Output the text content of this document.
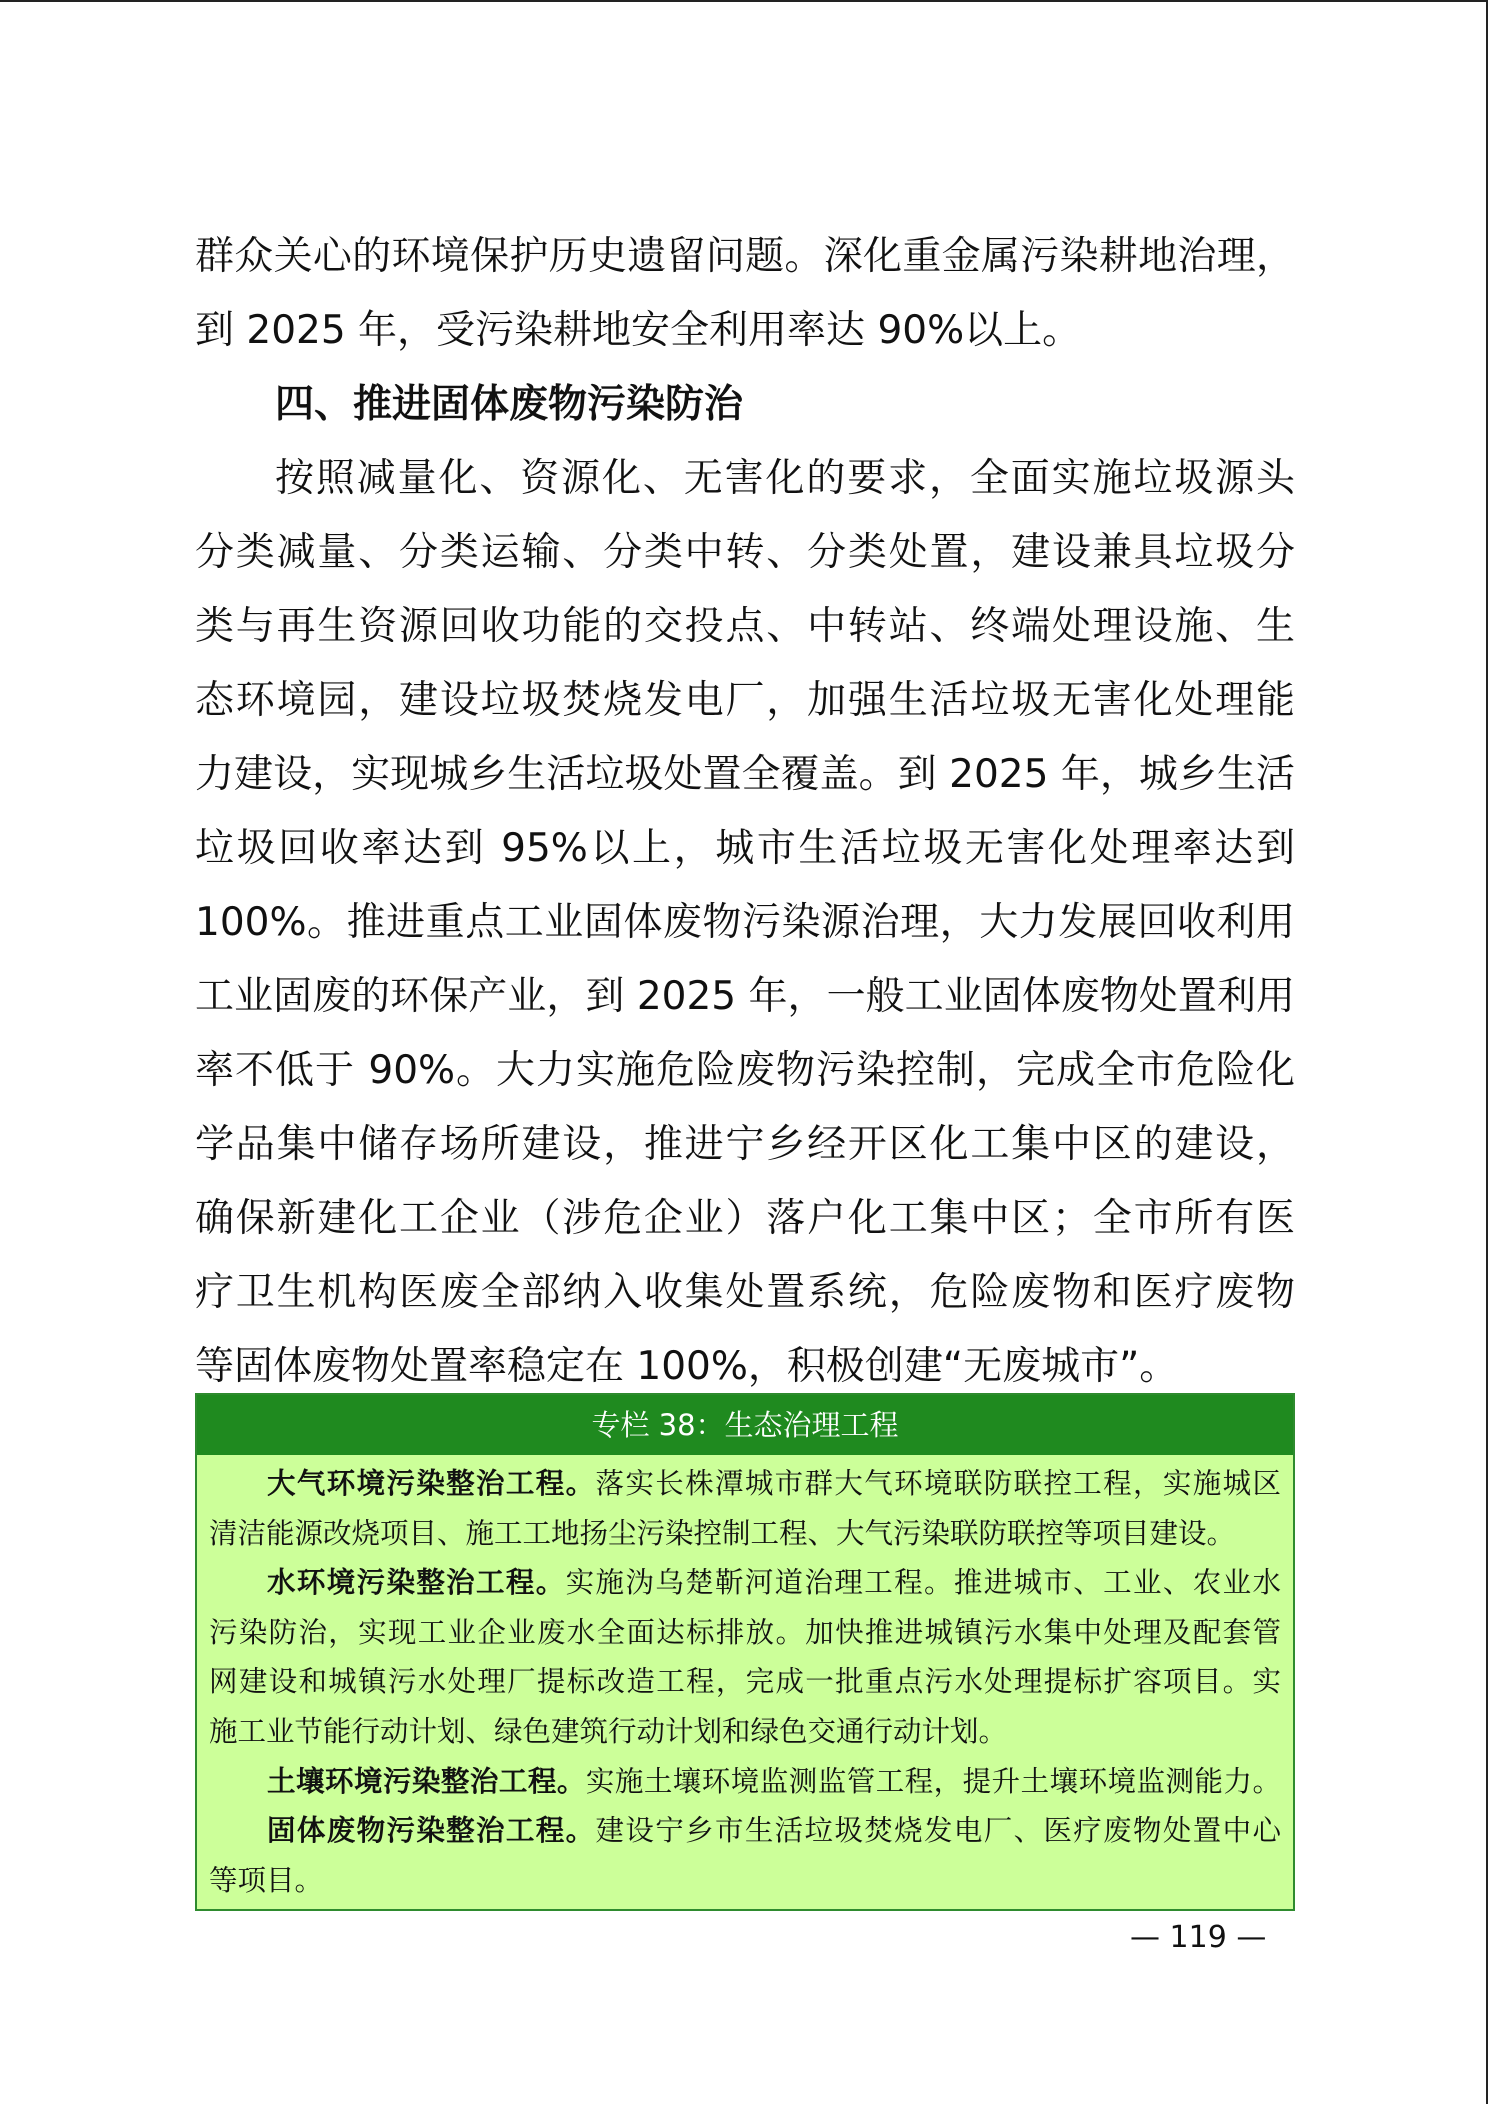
群众关心的环境保护历史遗留问题。深化重金属污染耕地治理，
到 2025 年，受污染耕地安全利用率达 90%以上。
四、推进固体废物污染防治
按照减量化、资源化、无害化的要求，全面实施垃圾源头
分类减量、分类运输、分类中转、分类处置，建设兼具垃圾分
类与再生资源回收功能的交投点、中转站、终端处理设施、生
态环境园，建设垃圾焚烧发电厂，加强生活垃圾无害化处理能
力建设，实现城乡生活垃圾处置全覆盖。到 2025 年，城乡生活
垃圾回收率达到 95%以上，城市生活垃圾无害化处理率达到
100%。推进重点工业固体废物污染源治理，大力发展回收利用
工业固废的环保产业，到 2025 年，一般工业固体废物处置利用
率不低于 90%。大力实施危险废物污染控制，完成全市危险化
学品集中储存场所建设，推进宁乡经开区化工集中区的建设，
确保新建化工企业（涉危企业）落户化工集中区；全市所有医
疗卫生机构医废全部纳入收集处置系统，危险废物和医疗废物
等固体废物处置率稳定在 100%，积极创建“无废城市”。
专栏 38：生态治理工程
大气环境污染整治工程。落实长株潭城市群大气环境联防联控工程，实施城区
清洁能源改烧项目、施工工地扬尘污染控制工程、大气污染联防联控等项目建设。
水环境污染整治工程。实施沩乌楚靳河道治理工程。推进城市、工业、农业水
污染防治，实现工业企业废水全面达标排放。加快推进城镇污水集中处理及配套管
网建设和城镇污水处理厂提标改造工程，完成一批重点污水处理提标扩容项目。实
施工业节能行动计划、绿色建筑行动计划和绿色交通行动计划。
土壤环境污染整治工程。实施土壤环境监测监管工程，提升土壤环境监测能力。
固体废物污染整治工程。建设宁乡市生活垃圾焚烧发电厂、医疗废物处置中心
等项目。
— 119 —
